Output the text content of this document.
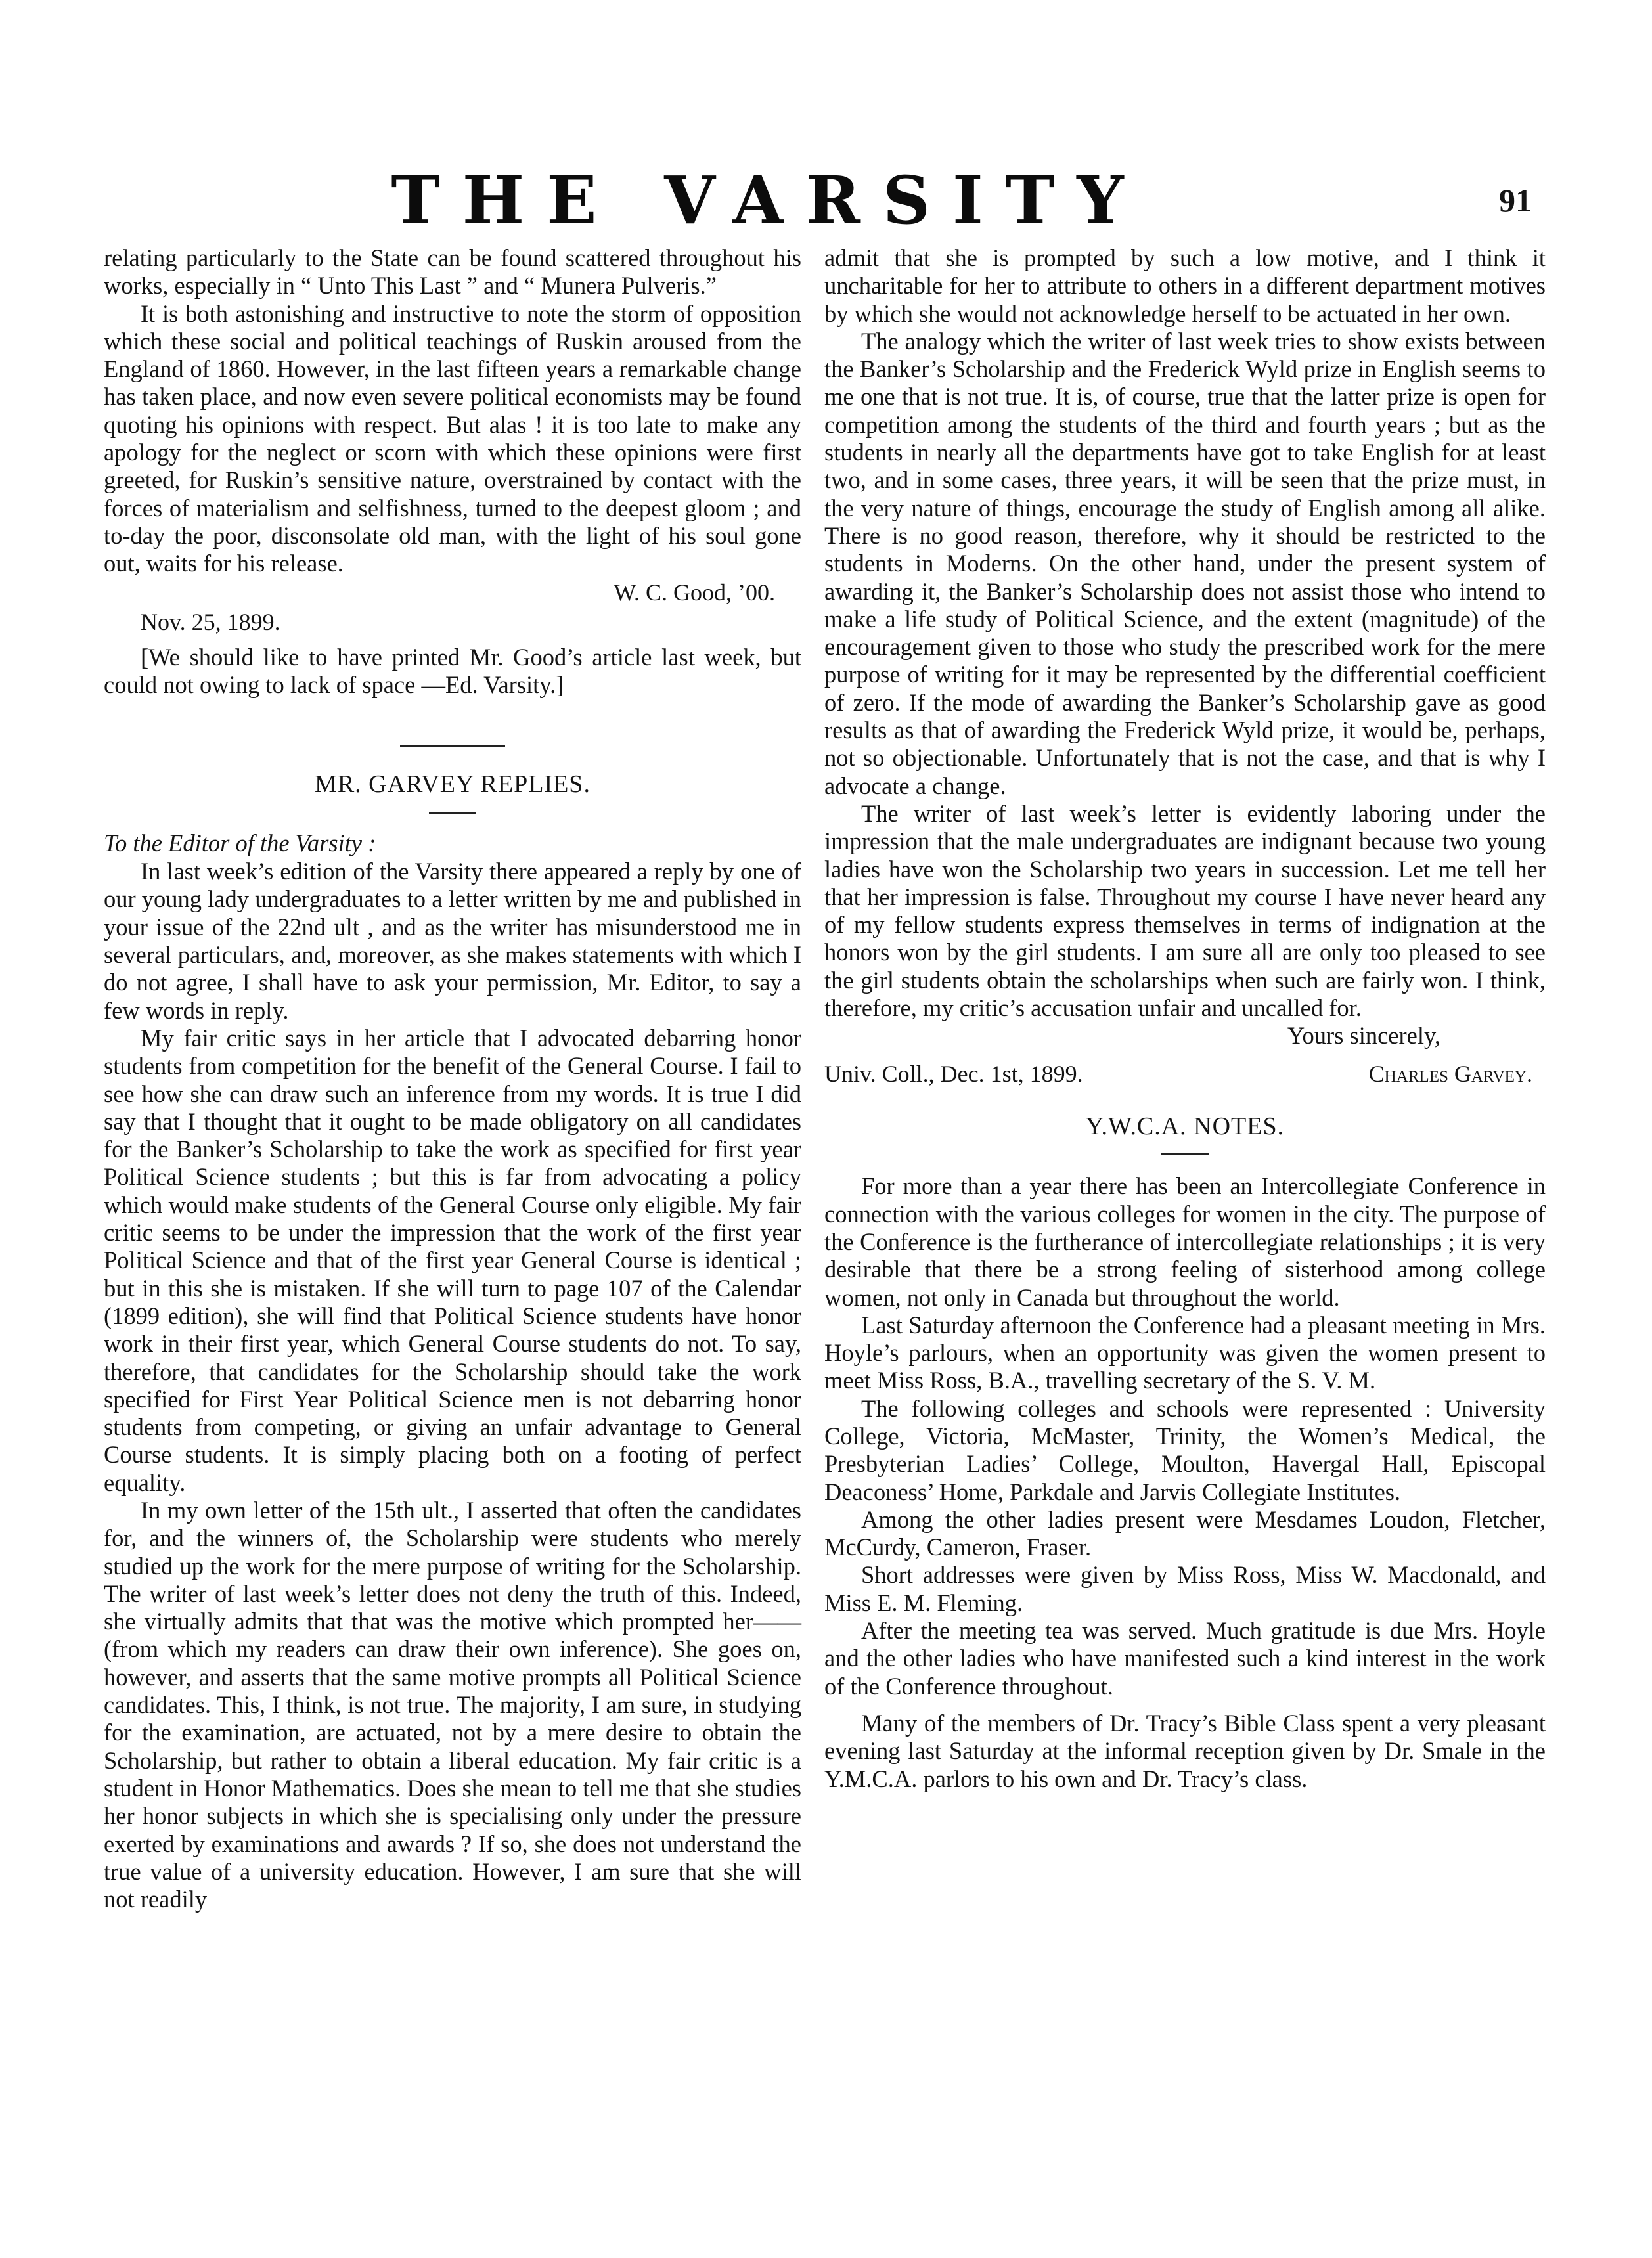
THE VARSITY	91

relating particularly to the State can be found scattered throughout his works, especially in “ Unto This Last ” and “ Munera Pulveris.”

It is both astonishing and instructive to note the storm of opposition which these social and political teachings of Ruskin aroused from the England of 1860. However, in the last fifteen years a remarkable change has taken place, and now even severe political economists may be found quoting his opinions with respect. But alas ! it is too late to make any apology for the neglect or scorn with which these opinions were first greeted, for Ruskin’s sensitive nature, overstrained by contact with the forces of materialism and selfishness, turned to the deepest gloom ; and to-day the poor, disconsolate old man, with the light of his soul gone out, waits for his release.

W. C. Good, ’00.
Nov. 25, 1899.

[We should like to have printed Mr. Good’s article last week, but could not owing to lack of space —Ed. Varsity.]

MR. GARVEY REPLIES.
To the Editor of the Varsity :

In last week’s edition of the Varsity there appeared a reply by one of our young lady undergraduates to a letter written by me and published in your issue of the 22nd ult , and as the writer has misunderstood me in several particulars, and, moreover, as she makes statements with which I do not agree, I shall have to ask your permission, Mr. Editor, to say a few words in reply.

My fair critic says in her article that I advocated debarring honor students from competition for the benefit of the General Course. I fail to see how she can draw such an inference from my words. It is true I did say that I thought that it ought to be made obligatory on all candidates for the Banker’s Scholarship to take the work as specified for first year Political Science students ; but this is far from advocating a policy which would make students of the General Course only eligible. My fair critic seems to be under the impression that the work of the first year Political Science and that of the first year General Course is identical ; but in this she is mistaken. If she will turn to page 107 of the Calendar (1899 edition), she will find that Political Science students have honor work in their first year, which General Course students do not. To say, therefore, that candidates for the Scholarship should take the work specified for First Year Political Science men is not debarring honor students from competing, or giving an unfair advantage to General Course students. It is simply placing both on a footing of perfect equality.

In my own letter of the 15th ult., I asserted that often the candidates for, and the winners of, the Scholarship were students who merely studied up the work for the mere purpose of writing for the Scholarship. The writer of last week’s letter does not deny the truth of this. Indeed, she virtually admits that that was the motive which prompted her—— (from which my readers can draw their own inference). She goes on, however, and asserts that the same motive prompts all Political Science candidates. This, I think, is not true. The majority, I am sure, in studying for the examination, are actuated, not by a mere desire to obtain the Scholarship, but rather to obtain a liberal education. My fair critic is a student in Honor Mathematics. Does she mean to tell me that she studies her honor subjects in which she is specialising only under the pressure exerted by examinations and awards ? If so, she does not understand the true value of a university education. However, I am sure that she will not readily

admit that she is prompted by such a low motive, and I think it uncharitable for her to attribute to others in a different department motives by which she would not acknowledge herself to be actuated in her own.

The analogy which the writer of last week tries to show exists between the Banker’s Scholarship and the Frederick Wyld prize in English seems to me one that is not true. It is, of course, true that the latter prize is open for competition among the students of the third and fourth years ; but as the students in nearly all the departments have got to take English for at least two, and in some cases, three years, it will be seen that the prize must, in the very nature of things, encourage the study of English among all alike. There is no good reason, therefore, why it should be restricted to the students in Moderns. On the other hand, under the present system of awarding it, the Banker’s Scholarship does not assist those who intend to make a life study of Political Science, and the extent (magnitude) of the encouragement given to those who study the prescribed work for the mere purpose of writing for it may be represented by the differential coefficient of zero. If the mode of awarding the Banker’s Scholarship gave as good results as that of awarding the Frederick Wyld prize, it would be, perhaps, not so objectionable. Unfortunately that is not the case, and that is why I advocate a change.

The writer of last week’s letter is evidently laboring under the impression that the male undergraduates are indignant because two young ladies have won the Scholarship two years in succession. Let me tell her that her impression is false. Throughout my course I have never heard any of my fellow students express themselves in terms of indignation at the honors won by the girl students. I am sure all are only too pleased to see the girl students obtain the scholarships when such are fairly won. I think, therefore, my critic’s accusation unfair and uncalled for.

Yours sincerely,
Univ. Coll., Dec. 1st, 1899.	Charles Garvey.
Y.W.C.A. NOTES.

For more than a year there has been an Intercollegiate Conference in connection with the various colleges for women in the city. The purpose of the Conference is the furtherance of intercollegiate relationships ; it is very desirable that there be a strong feeling of sisterhood among college women, not only in Canada but throughout the world.

Last Saturday afternoon the Conference had a pleasant meeting in Mrs. Hoyle’s parlours, when an opportunity was given the women present to meet Miss Ross, B.A., travelling secretary of the S. V. M.

The following colleges and schools were represented : University College, Victoria, McMaster, Trinity, the Women’s Medical, the Presbyterian Ladies’ College, Moulton, Havergal Hall, Episcopal Deaconess’ Home, Parkdale and Jarvis Collegiate Institutes.

Among the other ladies present were Mesdames Loudon, Fletcher, McCurdy, Cameron, Fraser.

Short addresses were given by Miss Ross, Miss W. Macdonald, and Miss E. M. Fleming.

After the meeting tea was served. Much gratitude is due Mrs. Hoyle and the other ladies who have manifested such a kind interest in the work of the Conference throughout.

Many of the members of Dr. Tracy’s Bible Class spent a very pleasant evening last Saturday at the informal reception given by Dr. Smale in the Y.M.C.A. parlors to his own and Dr. Tracy’s class.
